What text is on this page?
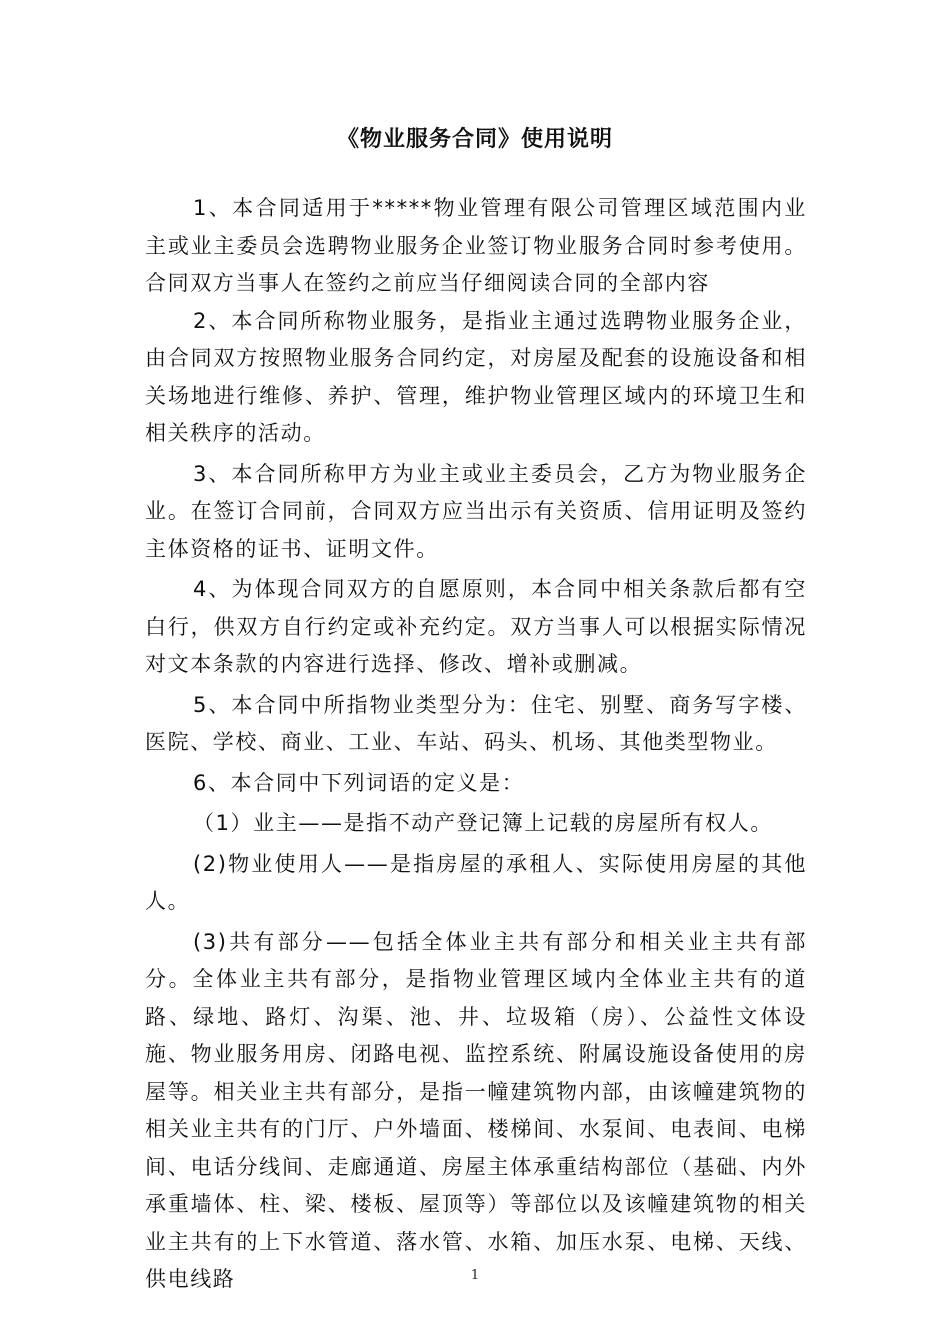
《物业服务合同》使用说明

1、本合同适用于*****物业管理有限公司管理区域范围内业主或业主委员会选聘物业服务企业签订物业服务合同时参考使用。合同双方当事人在签约之前应当仔细阅读合同的全部内容

2、本合同所称物业服务，是指业主通过选聘物业服务企业，由合同双方按照物业服务合同约定，对房屋及配套的设施设备和相关场地进行维修、养护、管理，维护物业管理区域内的环境卫生和相关秩序的活动。

3、本合同所称甲方为业主或业主委员会，乙方为物业服务企业。在签订合同前，合同双方应当出示有关资质、信用证明及签约主体资格的证书、证明文件。

4、为体现合同双方的自愿原则，本合同中相关条款后都有空白行，供双方自行约定或补充约定。双方当事人可以根据实际情况对文本条款的内容进行选择、修改、增补或删减。

5、本合同中所指物业类型分为：住宅、别墅、商务写字楼、医院、学校、商业、工业、车站、码头、机场、其他类型物业。

6、本合同中下列词语的定义是：

（1）业主——是指不动产登记簿上记载的房屋所有权人。

(2)物业使用人——是指房屋的承租人、实际使用房屋的其他人。

(3)共有部分——包括全体业主共有部分和相关业主共有部分。全体业主共有部分，是指物业管理区域内全体业主共有的道路、绿地、路灯、沟渠、池、井、垃圾箱（房）、公益性文体设施、物业服务用房、闭路电视、监控系统、附属设施设备使用的房屋等。相关业主共有部分，是指一幢建筑物内部，由该幢建筑物的相关业主共有的门厅、户外墙面、楼梯间、水泵间、电表间、电梯间、电话分线间、走廊通道、房屋主体承重结构部位（基础、内外承重墙体、柱、梁、楼板、屋顶等）等部位以及该幢建筑物的相关业主共有的上下水管道、落水管、水箱、加压水泵、电梯、天线、供电线路	1
